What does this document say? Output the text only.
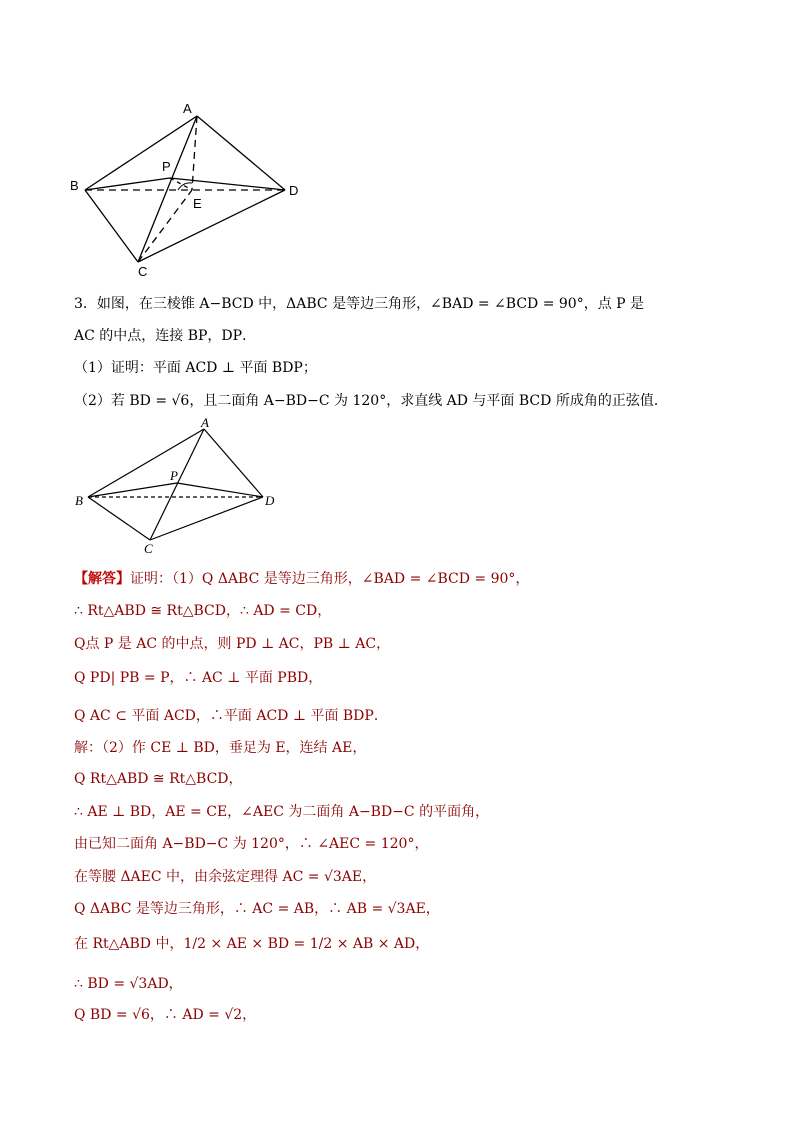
A
B
C
D
P
E
3．如图，在三棱锥 A−BCD 中，ΔABC 是等边三角形，∠BAD = ∠BCD = 90°，点 P 是
AC 的中点，连接 BP，DP．
（1）证明：平面 ACD ⊥ 平面 BDP；
（2）若 BD = √6，且二面角 A−BD−C 为 120°，求直线 AD 与平面 BCD 所成角的正弦值．
A
B
C
D
P
【解答】证明：（1）Q ΔABC 是等边三角形，∠BAD = ∠BCD = 90°，
∴ Rt△ABD ≅ Rt△BCD，∴ AD = CD，
Q点 P 是 AC 的中点，则 PD ⊥ AC，PB ⊥ AC，
Q PD| PB = P，∴ AC ⊥ 平面 PBD，
Q AC ⊂ 平面 ACD，∴平面 ACD ⊥ 平面 BDP．
解：（2）作 CE ⊥ BD，垂足为 E，连结 AE，
Q Rt△ABD ≅ Rt△BCD，
∴ AE ⊥ BD，AE = CE，∠AEC 为二面角 A−BD−C 的平面角，
由已知二面角 A−BD−C 为 120°，∴ ∠AEC = 120°，
在等腰 ΔAEC 中，由余弦定理得 AC = √3AE，
Q ΔABC 是等边三角形，∴ AC = AB，∴ AB = √3AE，
在 Rt△ABD 中，1/2 × AE × BD = 1/2 × AB × AD，
∴ BD = √3AD，
Q BD = √6，∴ AD = √2，
